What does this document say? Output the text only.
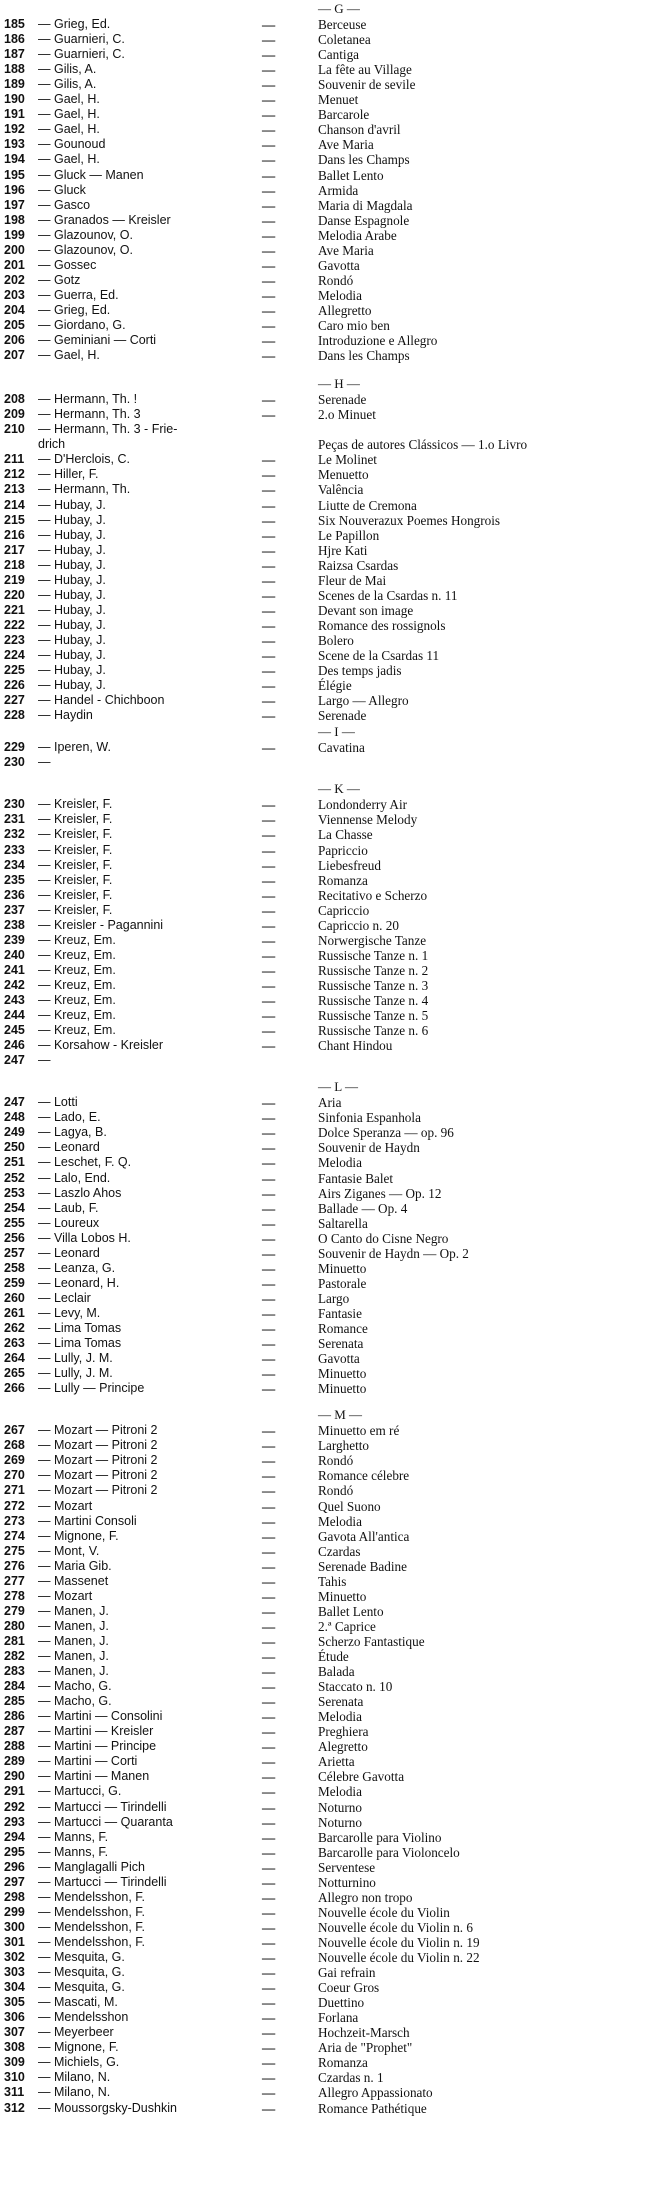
— G —
185	— Grieg, Ed.	—	Berceuse
186	— Guarnieri, C.	—	Coletanea
187	— Guarnieri, C.	—	Cantiga
188	— Gilis, A.	—	La fête au Village
189	— Gilis, A.	—	Souvenir de sevile
190	— Gael, H.	—	Menuet
191	— Gael, H.	—	Barcarole
192	— Gael, H.	—	Chanson d'avril
193	— Gounoud	—	Ave Maria
194	— Gael, H.	—	Dans les Champs
195	— Gluck — Manen	—	Ballet Lento
196	— Gluck	—	Armida
197	— Gasco	—	Maria di Magdala
198	— Granados — Kreisler	—	Danse Espagnole
199	— Glazounov, O.	—	Melodia Arabe
200	— Glazounov, O.	—	Ave Maria
201	— Gossec	—	Gavotta
202	— Gotz	—	Rondó
203	— Guerra, Ed.	—	Melodia
204	— Grieg, Ed.	—	Allegretto
205	— Giordano, G.	—	Caro mio ben
206	— Geminiani — Corti	—	Introduzione e Allegro
207	— Gael, H.	—	Dans les Champs
— H —
208	— Hermann, Th. !	—	Serenade
209	— Hermann, Th. 3	—	2.o Minuet
210	— Hermann, Th. 3 - Frie-
drich	Peças de autores Clássicos — 1.o Livro
211	— D'Herclois, C.	—	Le Molinet
212	— Hiller, F.	—	Menuetto
213	— Hermann, Th.	—	Valência
214	— Hubay, J.	—	Liutte de Cremona
215	— Hubay, J.	—	Six Nouverazux Poemes Hongrois
216	— Hubay, J.	—	Le Papillon
217	— Hubay, J.	—	Hjre Kati
218	— Hubay, J.	—	Raizsa Csardas
219	— Hubay, J.	—	Fleur de Mai
220	— Hubay, J.	—	Scenes de la Csardas n. 11
221	— Hubay, J.	—	Devant son image
222	— Hubay, J.	—	Romance des rossignols
223	— Hubay, J.	—	Bolero
224	— Hubay, J.	—	Scene de la Csardas 11
225	— Hubay, J.	—	Des temps jadis
226	— Hubay, J.	—	Élégie
227	— Handel - Chichboon	—	Largo — Allegro
228	— Haydin	—	Serenade
— I —
229	— Iperen, W.	—	Cavatina
230	—
— K —
230	— Kreisler, F.	—	Londonderry Air
231	— Kreisler, F.	—	Viennense Melody
232	— Kreisler, F.	—	La Chasse
233	— Kreisler, F.	—	Papriccio
234	— Kreisler, F.	—	Liebesfreud
235	— Kreisler, F.	—	Romanza
236	— Kreisler, F.	—	Recitativo e Scherzo
237	— Kreisler, F.	—	Capriccio
238	— Kreisler - Pagannini	—	Capriccio n. 20
239	— Kreuz, Em.	—	Norwergische Tanze
240	— Kreuz, Em.	—	Russische Tanze n. 1
241	— Kreuz, Em.	—	Russische Tanze n. 2
242	— Kreuz, Em.	—	Russische Tanze n. 3
243	— Kreuz, Em.	—	Russische Tanze n. 4
244	— Kreuz, Em.	—	Russische Tanze n. 5
245	— Kreuz, Em.	—	Russische Tanze n. 6
246	— Korsahow - Kreisler	—	Chant Hindou
247	—
— L —
247	— Lotti	—	Aria
248	— Lado, E.	—	Sinfonia Espanhola
249	— Lagya, B.	—	Dolce Speranza — op. 96
250	— Leonard	—	Souvenir de Haydn
251	— Leschet, F. Q.	—	Melodia
252	— Lalo, End.	—	Fantasie Balet
253	— Laszlo Ahos	—	Airs Ziganes — Op. 12
254	— Laub, F.	—	Ballade — Op. 4
255	— Loureux	—	Saltarella
256	— Villa Lobos H.	—	O Canto do Cisne Negro
257	— Leonard	—	Souvenir de Haydn — Op. 2
258	— Leanza, G.	—	Minuetto
259	— Leonard, H.	—	Pastorale
260	— Leclair	—	Largo
261	— Levy, M.	—	Fantasie
262	— Lima Tomas	—	Romance
263	— Lima Tomas	—	Serenata
264	— Lully, J. M.	—	Gavotta
265	— Lully, J. M.	—	Minuetto
266	— Lully — Principe	—	Minuetto
— M —
267	— Mozart — Pitroni 2	—	Minuetto em ré
268	— Mozart — Pitroni 2	—	Larghetto
269	— Mozart — Pitroni 2	—	Rondó
270	— Mozart — Pitroni 2	—	Romance célebre
271	— Mozart — Pitroni 2	—	Rondó
272	— Mozart	—	Quel Suono
273	— Martini Consoli	—	Melodia
274	— Mignone, F.	—	Gavota All'antica
275	— Mont, V.	—	Czardas
276	— Maria Gib.	—	Serenade Badine
277	— Massenet	—	Tahis
278	— Mozart	—	Minuetto
279	— Manen, J.	—	Ballet Lento
280	— Manen, J.	—	2.ª Caprice
281	— Manen, J.	—	Scherzo Fantastique
282	— Manen, J.	—	Étude
283	— Manen, J.	—	Balada
284	— Macho, G.	—	Staccato n. 10
285	— Macho, G.	—	Serenata
286	— Martini — Consolini	—	Melodia
287	— Martini — Kreisler	—	Preghiera
288	— Martini — Principe	—	Alegretto
289	— Martini — Corti	—	Arietta
290	— Martini — Manen	—	Célebre Gavotta
291	— Martucci, G.	—	Melodia
292	— Martucci — Tirindelli	—	Noturno
293	— Martucci — Quaranta	—	Noturno
294	— Manns, F.	—	Barcarolle para Violino
295	— Manns, F.	—	Barcarolle para Violoncelo
296	— Manglagalli Pich	—	Serventese
297	— Martucci — Tirindelli	—	Notturnino
298	— Mendelsshon, F.	—	Allegro non tropo
299	— Mendelsshon, F.	—	Nouvelle école du Violin
300	— Mendelsshon, F.	—	Nouvelle école du Violin n. 6
301	— Mendelsshon, F.	—	Nouvelle école du Violin n. 19
302	— Mesquita, G.	—	Nouvelle école du Violin n. 22
303	— Mesquita, G.	—	Gai refrain
304	— Mesquita, G.	—	Coeur Gros
305	— Mascati, M.	—	Duettino
306	— Mendelsshon	—	Forlana
307	— Meyerbeer	—	Hochzeit-Marsch
308	— Mignone, F.	—	Aria de "Prophet"
309	— Michiels, G.	—	Romanza
310	— Milano, N.	—	Czardas n. 1
311	— Milano, N.	—	Allegro Appassionato
312	— Moussorgsky-Dushkin	—	Romance Pathétique
